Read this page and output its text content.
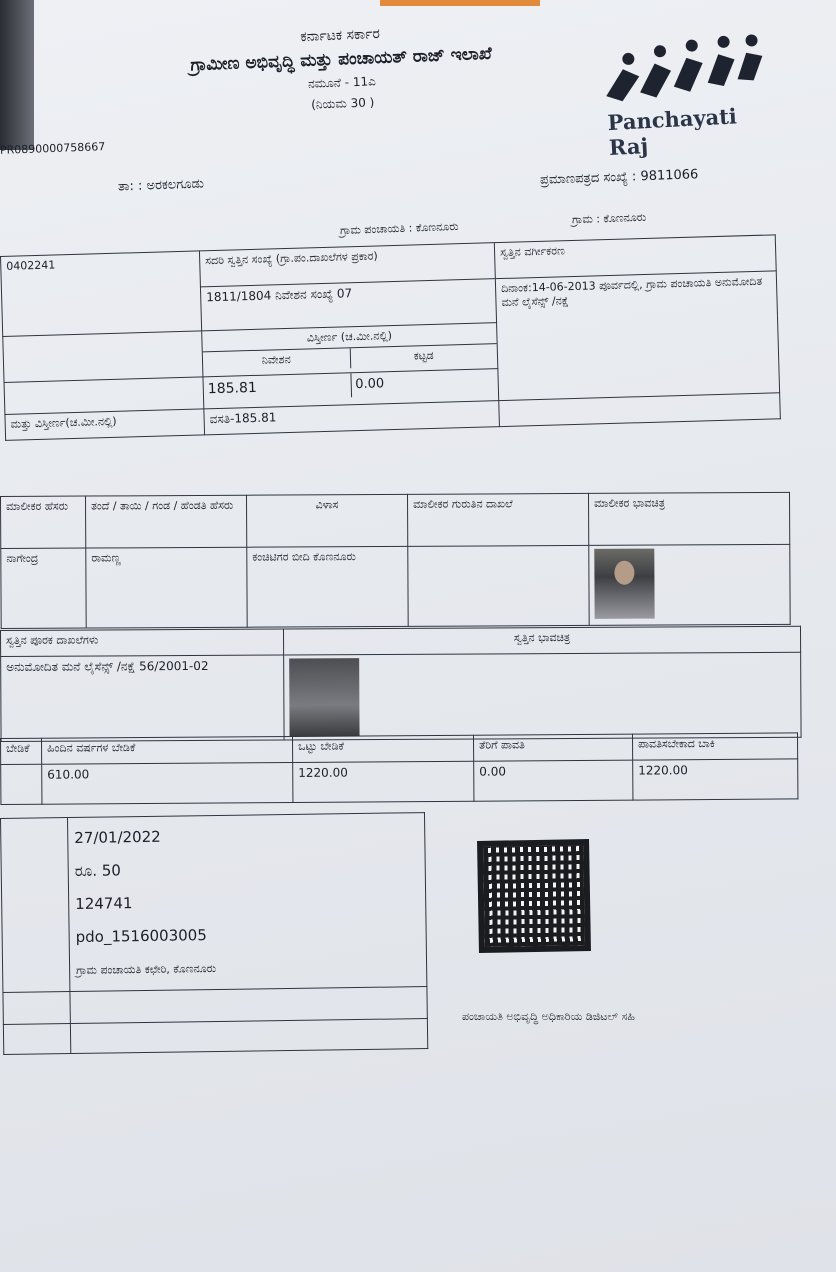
ಕರ್ನಾಟಕ ಸರ್ಕಾರ
ಗ್ರಾಮೀಣ ಅಭಿವೃದ್ಧಿ ಮತ್ತು ಪಂಚಾಯತ್ ರಾಜ್ ಇಲಾಖೆ
ನಮೂನೆ - 11ಎ
(ನಿಯಮ 30 )	Panchayati Raj
PR0890000758667
ತಾ: : ಅರಕಲಗೂಡು	ಪ್ರಮಾಣಪತ್ರದ ಸಂಖ್ಯೆ : 9811066
ಗ್ರಾಮ ಪಂಚಾಯತಿ : ಕೊಣನೂರು
ಗ್ರಾಮ : ಕೊಣನೂರು
0402241	ಸದರಿ ಸ್ವತ್ತಿನ ಸಂಖ್ಯೆ (ಗ್ರಾ.ಪಂ.ದಾಖಲೆಗಳ ಪ್ರಕಾರ)	ಸ್ವತ್ತಿನ ವರ್ಗೀಕರಣ
	1811/1804 ನಿವೇಶನ ಸಂಖ್ಯೆ 07	ದಿನಾಂಕ:14-06-2013 ಪೂರ್ವದಲ್ಲಿ, ಗ್ರಾಮ ಪಂಚಾಯತಿ ಅನುಮೋದಿತ ಮನೆ ಲೈಸೆನ್ಸ್ /ನಕ್ಷೆ

	ವಿಸ್ತೀರ್ಣ (ಚ.ಮೀ.ನಲ್ಲಿ)
ನಿವೇಶನ ಕಟ್ಟಡ	

	185.81 0.00	

ಮತ್ತು ವಿಸ್ತೀರ್ಣ(ಚ.ಮೀ.ನಲ್ಲಿ)	ವಸತಿ-185.81	
ಮಾಲೀಕರ ಹೆಸರು	ತಂದೆ / ತಾಯಿ / ಗಂಡ / ಹೆಂಡತಿ ಹೆಸರು	ವಿಳಾಸ	ಮಾಲೀಕರ ಗುರುತಿನ ದಾಖಲೆ	ಮಾಲೀಕರ ಭಾವಚಿತ್ರ
ನಾಗೇಂದ್ರ	ರಾಮಣ್ಣ	ಕಂಚಿಟಿಗರ ಬೀದಿ ಕೊಣನೂರು		
ಸ್ವತ್ತಿನ ಪೂರಕ ದಾಖಲೆಗಳು	ಸ್ವತ್ತಿನ ಭಾವಚಿತ್ರ
ಅನುಮೋದಿತ ಮನೆ ಲೈಸೆನ್ಸ್ /ನಕ್ಷೆ 56/2001-02	
ಬೇಡಿಕೆ	ಹಿಂದಿನ ವರ್ಷಗಳ ಬೇಡಿಕೆ	ಒಟ್ಟು ಬೇಡಿಕೆ	ತೆರಿಗೆ ಪಾವತಿ	ಪಾವತಿಸಬೇಕಾದ ಬಾಕಿ
	610.00	1220.00	0.00	1220.00

	27/01/2022
ರೂ. 50
124741
pdo_1516003005
ಗ್ರಾಮ ಪಂಚಾಯತಿ ಕಛೇರಿ, ಕೊಣನೂರು

ಪಂಚಾಯತಿ ಅಭಿವೃದ್ಧಿ ಅಧಿಕಾರಿಯ ಡಿಜಿಟಲ್ ಸಹಿ
